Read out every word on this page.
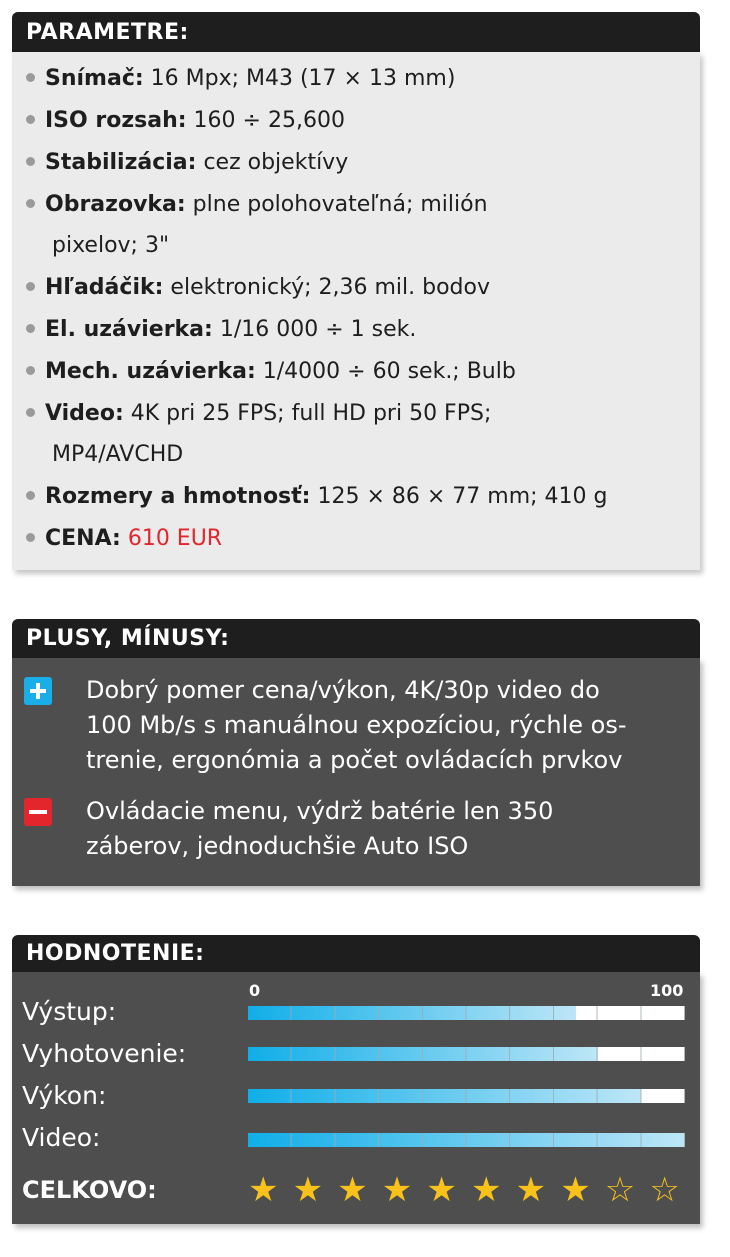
PARAMETRE:
Snímač: 16 Mpx; M43 (17 × 13 mm)
ISO rozsah: 160 ÷ 25,600
Stabilizácia: cez objektívy
Obrazovka: plne polohovateľná; milión
pixelov; 3"
Hľadáčik: elektronický; 2,36 mil. bodov
El. uzávierka: 1/16 000 ÷ 1 sek.
Mech. uzávierka: 1/4000 ÷ 60 sek.; Bulb
Video: 4K pri 25 FPS; full HD pri 50 FPS;
MP4/AVCHD
Rozmery a hmotnosť: 125 × 86 × 77 mm; 410 g
CENA: 610 EUR
PLUSY, MÍNUSY:
Dobrý pomer cena/výkon, 4K/30p video do
100 Mb/s s manuálnou expozíciou, rýchle os-
trenie, ergonómia a počet ovládacích prvkov
Ovládacie menu, výdrž batérie len 350
záberov, jednoduchšie Auto ISO
HODNOTENIE:
0	100
Výstup:
Vyhotovenie:
Výkon:
Video:
CELKOVO:	★ ★ ★ ★ ★ ★ ★ ★ ☆ ☆
